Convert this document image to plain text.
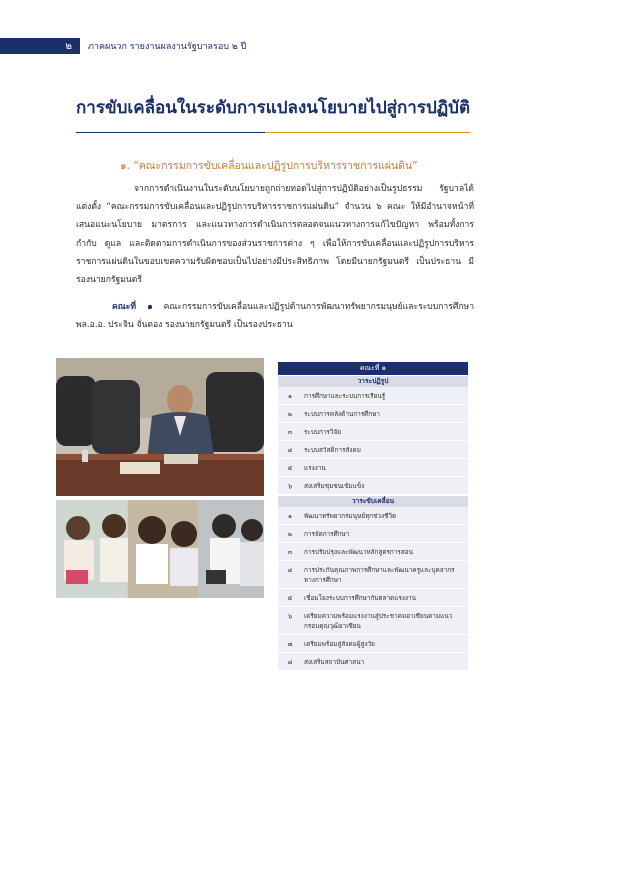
๒	ภาคผนวก รายงานผลงานรัฐบาลรอบ ๒ ปี
การขับเคลื่อนในระดับการแปลงนโยบายไปสู่การปฏิบัติ
๑. “คณะกรรมการขับเคลื่อนและปฏิรูปการบริหารราชการแผ่นดิน”
จากการดำเนินงานในระดับนโยบายถูกถ่ายทอดไปสู่การปฏิบัติอย่างเป็นรูปธรรม รัฐบาลได้แต่งตั้ง “คณะกรรมการขับเคลื่อนและปฏิรูปการบริหารราชการแผ่นดิน” จำนวน ๖ คณะ ให้มีอำนาจหน้าที่เสนอแนะนโยบาย มาตรการ และแนวทางการดำเนินการตลอดจนแนวทางการแก้ไขปัญหา พร้อมทั้งการกำกับ ดูแล และติดตามการดำเนินการของส่วนราชการต่าง ๆ เพื่อให้การขับเคลื่อนและปฏิรูปการบริหารราชการแผ่นดินในขอบเขตความรับผิดชอบเป็นไปอย่างมีประสิทธิภาพ โดยมีนายกรัฐมนตรี เป็นประธาน มีรองนายกรัฐมนตรี
คณะที่ ๑ คณะกรรมการขับเคลื่อนและปฏิรูปด้านการพัฒนาทรัพยากรมนุษย์และระบบการศึกษา พล.อ.อ. ประจิน จั่นตอง รองนายกรัฐมนตรี เป็นรองประธาน
คณะที่ ๑
วาระปฏิรูป
๑	การศึกษาและระบบการเรียนรู้
๒	ระบบการคลังด้านการศึกษา
๓	ระบบการวิจัย
๔	ระบบสวัสดิการสังคม
๕	แรงงาน
๖	ส่งเสริมชุมชนเข้มแข็ง
วาระขับเคลื่อน
๑	พัฒนาทรัพยากรมนุษย์ทุกช่วงชีวิต
๒	การจัดการศึกษา
๓	การปรับปรุงและพัฒนาหลักสูตรการสอน
๔	การประกันคุณภาพการศึกษาและพัฒนาครูและบุคลากรทางการศึกษา
๕	เชื่อมโยงระบบการศึกษากับตลาดแรงงาน
๖	เตรียมความพร้อมแรงงานสู่ประชาคมอาเซียนตามแนวกรอบคุณวุฒิอาเซียน
๗	เตรียมพร้อมสู่สังคมผู้สูงวัย
๘	ส่งเสริมสถาบันศาสนา
